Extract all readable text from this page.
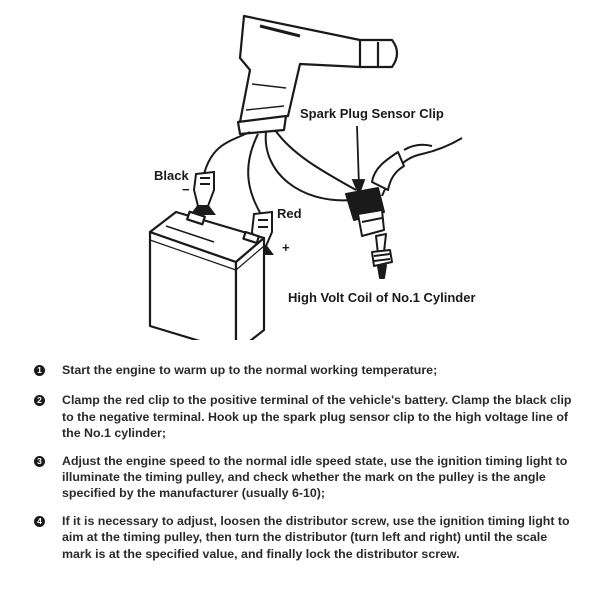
Spark Plug Sensor Clip
Black
−
Red
+
High Volt Coil of No.1 Cylinder
1 Start the engine to warm up to the normal working temperature;
2 Clamp the red clip to the positive terminal of the vehicle's battery. Clamp the black clip to the negative terminal. Hook up the spark plug sensor clip to the high voltage line of the No.1 cylinder;
3 Adjust the engine speed to the normal idle speed state, use the ignition timing light to illuminate the timing pulley, and check whether the mark on the pulley is the angle specified by the manufacturer (usually 6-10);
4 If it is necessary to adjust, loosen the distributor screw, use the ignition timing light to aim at the timing pulley, then turn the distributor (turn left and right) until the scale mark is at the specified value, and finally lock the distributor screw.
